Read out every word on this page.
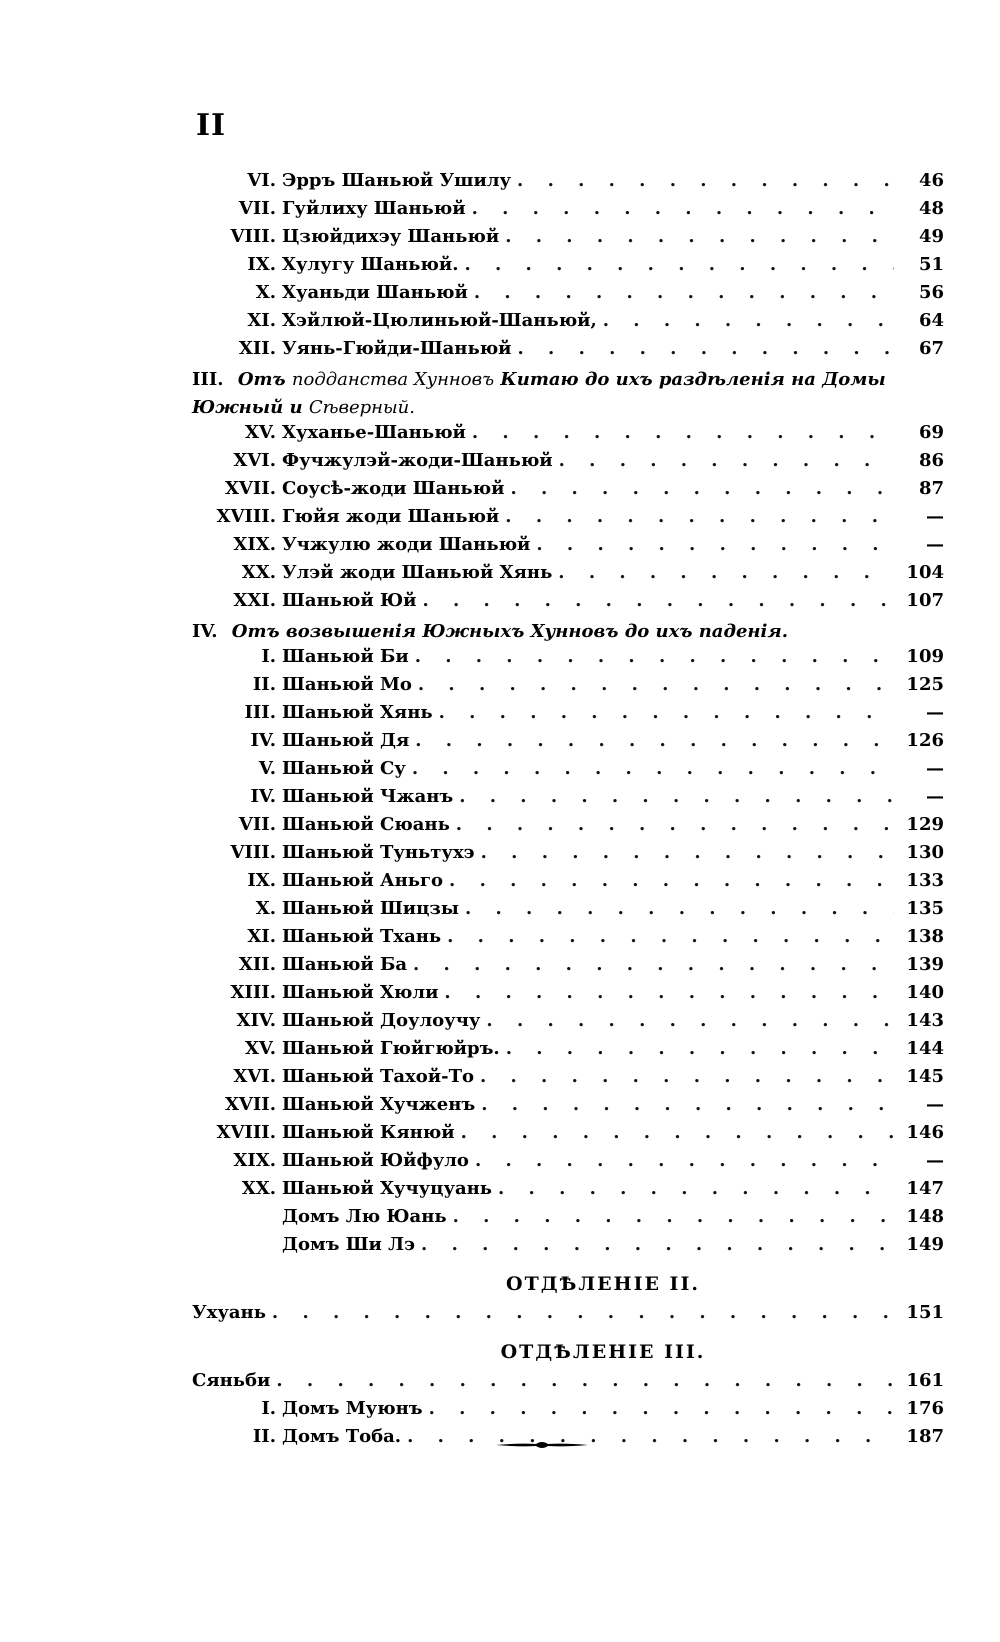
II
VI. Эрръ Шаньюй Ушилу . . .	46
VII. Гуйлиху Шаньюй . . .	48
VIII. Цзюйдихэу Шаньюй . . .	49
IX. Хулугу Шаньюй. . . .	51
X. Хуаньди Шаньюй . . .	56
XI. Хэйлюй-Цюлиньюй-Шаньюй, . . .	64
XII. Уянь-Гюйди-Шаньюй . . .	67
III. Отъ подданства Хунновъ Китаю до ихъ раздѣленія на Домы
Южный и Сѣверный.
XV. Хуханье-Шаньюй . . .	69
XVI. Фучжулэй-жоди-Шаньюй . . .	86
XVII. Соусѣ-жоди Шаньюй . . .	87
XVIII. Гюйя жоди Шаньюй . . .	—
XIX. Учжулю жоди Шаньюй . . .	—
XX. Улэй жоди Шаньюй Хянь . . .	104
XXI. Шаньюй Юй . . .	107
IV. Отъ возвышенія Южныхъ Хунновъ до ихъ паденія.
I. Шаньюй Би . . .	109
II. Шаньюй Мо . . .	125
III. Шаньюй Хянь . . .	—
IV. Шаньюй Дя . . .	126
V. Шаньюй Су . . .	—
IV. Шаньюй Чжанъ . . .	—
VII. Шаньюй Сюань . . .	129
VIII. Шаньюй Туньтухэ . . .	130
IX. Шаньюй Аньго . . .	133
X. Шаньюй Шицзы . . .	135
XI. Шаньюй Тхань . . .	138
XII. Шаньюй Ба . . .	139
XIII. Шаньюй Хюли . . .	140
XIV. Шаньюй Доулоучу . . .	143
XV. Шаньюй Гюйгюйръ. . . .	144
XVI. Шаньюй Тахой-То . . .	145
XVII. Шаньюй Хучженъ . . .	—
XVIII. Шаньюй Кянюй . . .	146
XIX. Шаньюй Юйфуло . . .	—
XX. Шаньюй Хучуцуань . . .	147
Домъ Лю Юань . . .	148
Домъ Ши Лэ . . .	149
ОТДѢЛЕНІЕ II.
Ухуань . . .	151
ОТДѢЛЕНІЕ III.
Сяньби . . .	161
I. Домъ Муюнъ . . .	176
II. Домъ Тоба. . . .	187
